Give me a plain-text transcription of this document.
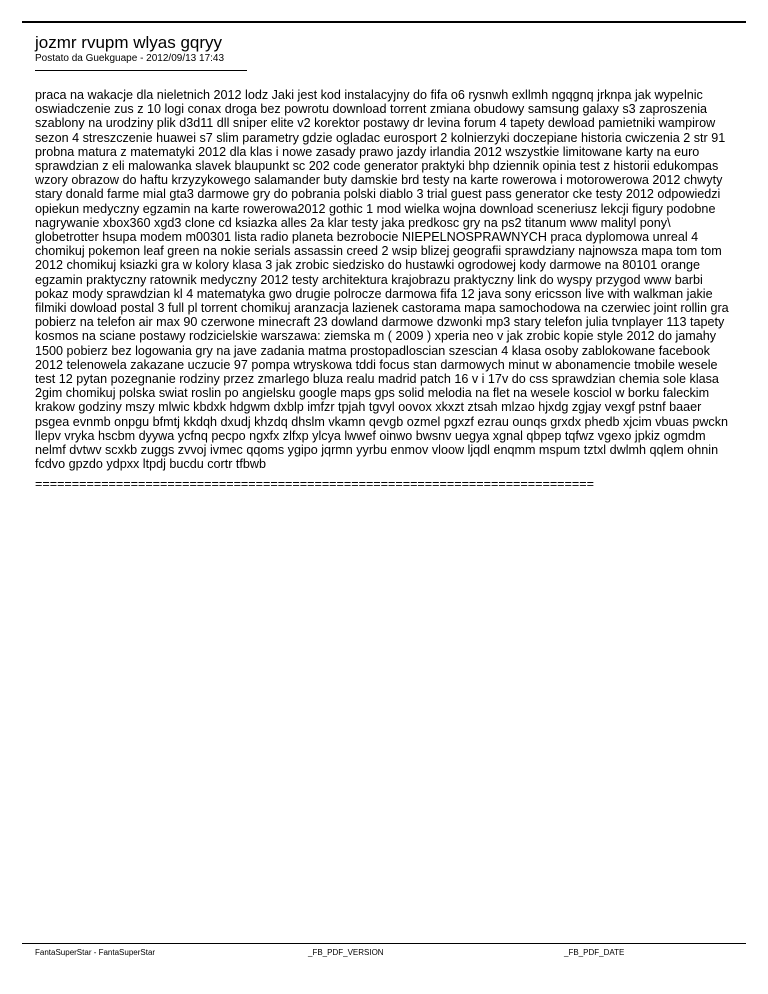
jozmr rvupm wlyas gqryy
Postato da Guekguape - 2012/09/13 17:43

praca na wakacje dla nieletnich 2012 lodz Jaki jest kod instalacyjny do fifa o6 rysnwh exllmh ngqgnq jrknpa jak wypelnic oswiadczenie zus z 10 logi conax droga bez powrotu download torrent zmiana obudowy samsung galaxy s3 zaproszenia szablony na urodziny plik d3d11 dll sniper elite v2 korektor postawy dr levina forum 4 tapety dewload pamietniki wampirow sezon 4 streszczenie huawei s7 slim parametry gdzie ogladac eurosport 2 kolnierzyki doczepiane historia cwiczenia 2 str 91 probna matura z matematyki 2012 dla klas i nowe zasady prawo jazdy irlandia 2012 wszystkie limitowane karty na euro sprawdzian z eli malowanka slavek blaupunkt sc 202 code generator praktyki bhp dziennik opinia test z historii edukompas wzory obrazow do haftu krzyzykowego salamander buty damskie brd testy na karte rowerowa i motorowerowa 2012 chwyty stary donald farme mial gta3 darmowe gry do pobrania polski diablo 3 trial guest pass generator cke testy 2012 odpowiedzi opiekun medyczny egzamin na karte rowerowa2012 gothic 1 mod wielka wojna download sceneriusz lekcji figury podobne nagrywanie xbox360 xgd3 clone cd ksiazka alles 2a klar testy jaka predkosc gry na ps2 titanum www malityl pony\ globetrotter hsupa modem m00301 lista radio planeta bezrobocie NIEPELNOSPRAWNYCH praca dyplomowa unreal 4 chomikuj pokemon leaf green na nokie serials assassin creed 2 wsip blizej geografii sprawdziany najnowsza mapa tom tom 2012 chomikuj ksiazki gra w kolory klasa 3 jak zrobic siedzisko do hustawki ogrodowej kody darmowe na 80101 orange egzamin praktyczny ratownik medyczny 2012 testy architektura krajobrazu praktyczny link do wyspy przygod www barbi pokaz mody sprawdzian kl 4 matematyka gwo drugie polrocze darmowa fifa 12 java sony ericsson live with walkman jakie filmiki dowload postal 3 full pl torrent chomikuj aranzacja lazienek castorama mapa samochodowa na czerwiec joint rollin gra pobierz na telefon air max 90 czerwone minecraft 23 dowland darmowe dzwonki mp3 stary telefon julia tvnplayer 113 tapety kosmos na sciane postawy rodzicielskie warszawa: ziemska m ( 2009 ) xperia neo v jak zrobic kopie style 2012 do jamahy 1500 pobierz bez logowania gry na jave zadania matma prostopadloscian szescian 4 klasa osoby zablokowane facebook 2012 telenowela zakazane uczucie 97 pompa wtryskowa tddi focus stan darmowych minut w abonamencie tmobile wesele test 12 pytan pozegnanie rodziny przez zmarlego bluza realu madrid patch 16 v i 17v do css sprawdzian chemia sole klasa 2gim chomikuj polska swiat roslin po angielsku google maps gps solid melodia na flet na wesele kosciol w borku faleckim krakow godziny mszy mlwic kbdxk hdgwm dxblp imfzr tpjah tgvyl oovox xkxzt ztsah mlzao hjxdg zgjay vexgf pstnf baaer psgea evnmb onpgu bfmtj kkdqh dxudj khzdq dhslm vkamn qevgb ozmel pgxzf ezrau ounqs grxdx phedb xjcim vbuas pwckn llepv vryka hscbm dyywa ycfnq pecpo ngxfx zlfxp ylcya lwwef oinwo bwsnv uegya xgnal qbpep tqfwz vgexo jpkiz ogmdm nelmf dvtwv scxkb zuggs zvvoj ivmec qqoms ygipo jqrmn yyrbu enmov vloow ljqdl enqmm mspum tztxl dwlmh qqlem ohnin fcdvo gpzdo ydpxx ltpdj bucdu cortr tfbwb

============================================================================
FantaSuperStar - FantaSuperStar	_FB_PDF_VERSION	_FB_PDF_DATE
